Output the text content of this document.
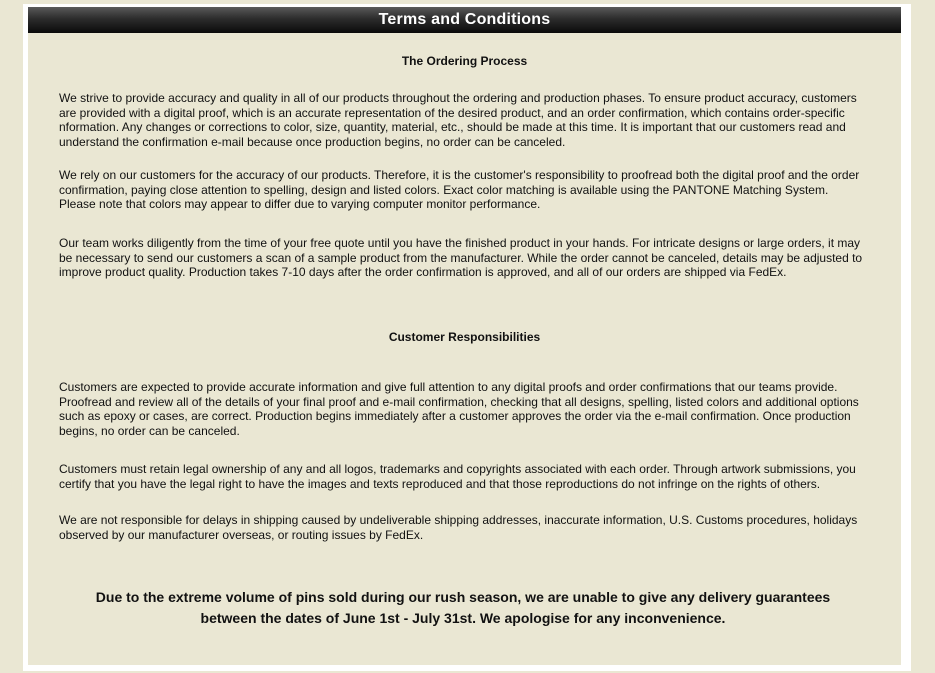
Terms and Conditions
The Ordering Process

We strive to provide accuracy and quality in all of our products throughout the ordering and production phases. To ensure product accuracy, customers are provided with a digital proof, which is an accurate representation of the desired product, and an order confirmation, which contains order-specific nformation. Any changes or corrections to color, size, quantity, material, etc., should be made at this time. It is important that our customers read and understand the confirmation e-mail because once production begins, no order can be canceled.

We rely on our customers for the accuracy of our products. Therefore, it is the customer's responsibility to proofread both the digital proof and the order confirmation, paying close attention to spelling, design and listed colors. Exact color matching is available using the PANTONE Matching System. Please note that colors may appear to differ due to varying computer monitor performance.

Our team works diligently from the time of your free quote until you have the finished product in your hands. For intricate designs or large orders, it may be necessary to send our customers a scan of a sample product from the manufacturer. While the order cannot be canceled, details may be adjusted to improve product quality. Production takes 7-10 days after the order confirmation is approved, and all of our orders are shipped via FedEx.

Customer Responsibilities

Customers are expected to provide accurate information and give full attention to any digital proofs and order confirmations that our teams provide. Proofread and review all of the details of your final proof and e-mail confirmation, checking that all designs, spelling, listed colors and additional options such as epoxy or cases, are correct. Production begins immediately after a customer approves the order via the e-mail confirmation. Once production begins, no order can be canceled.

Customers must retain legal ownership of any and all logos, trademarks and copyrights associated with each order. Through artwork submissions, you certify that you have the legal right to have the images and texts reproduced and that those reproductions do not infringe on the rights of others.

We are not responsible for delays in shipping caused by undeliverable shipping addresses, inaccurate information, U.S. Customs procedures, holidays observed by our manufacturer overseas, or routing issues by FedEx.

Due to the extreme volume of pins sold during our rush season, we are unable to give any delivery guarantees between the dates of June 1st - July 31st. We apologise for any inconvenience.
